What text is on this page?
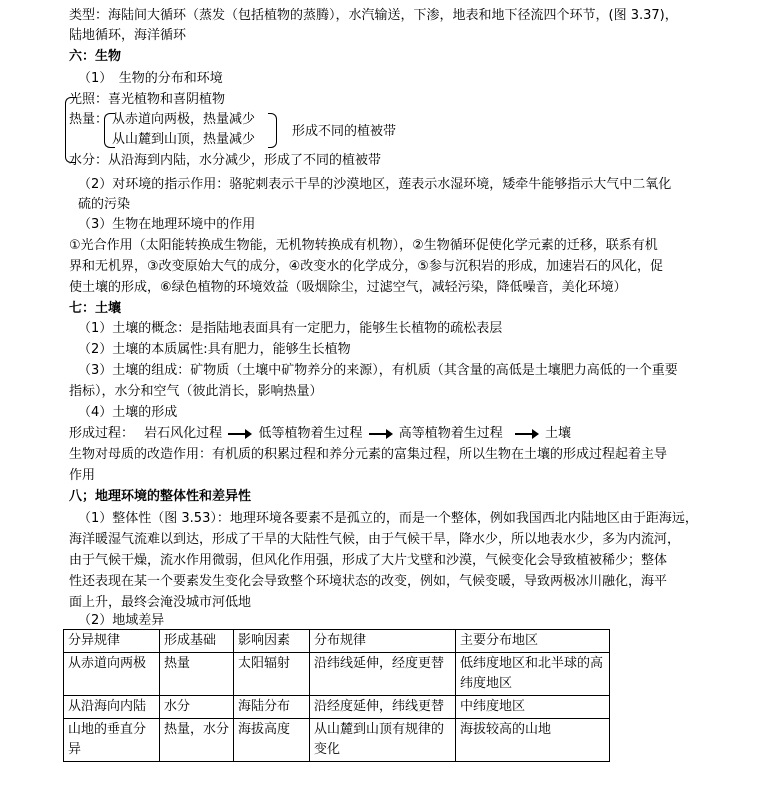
类型：海陆间大循环（蒸发（包括植物的蒸腾），水汽输送，下渗，地表和地下径流四个环节，(图 3.37)，
陆地循环，海洋循环
六：生物
（1）　生物的分布和环境
光照：喜光植物和喜阴植物
热量： 从赤道向两极，热量减少
从山麓到山顶，热量减少
形成不同的植被带
水分：从沿海到内陆，水分减少，形成了不同的植被带
（2）对环境的指示作用：骆驼刺表示干旱的沙漠地区，莲表示水湿环境，矮牵牛能够指示大气中二氧化
硫的污染
（3）生物在地理环境中的作用
①光合作用（太阳能转换成生物能，无机物转换成有机物），②生物循环促使化学元素的迁移，联系有机
界和无机界，③改变原始大气的成分，④改变水的化学成分，⑤参与沉积岩的形成，加速岩石的风化，促
使土壤的形成，⑥绿色植物的环境效益（吸烟除尘，过滤空气，减轻污染，降低噪音，美化环境）
七：土壤
（1）土壤的概念：是指陆地表面具有一定肥力，能够生长植物的疏松表层
（2）土壤的本质属性:具有肥力，能够生长植物
（3）土壤的组成：矿物质（土壤中矿物养分的来源），有机质（其含量的高低是土壤肥力高低的一个重要
指标），水分和空气（彼此消长，影响热量）
（4）土壤的形成
形成过程： 岩石风化过程	低等植物着生过程	高等植物着生过程	土壤
生物对母质的改造作用：有机质的积累过程和养分元素的富集过程，所以生物在土壤的形成过程起着主导
作用
八；地理环境的整体性和差异性
（1）整体性（图 3.53）：地理环境各要素不是孤立的，而是一个整体，例如我国西北内陆地区由于距海远，
海洋暖湿气流难以到达，形成了干旱的大陆性气候，由于气候干旱，降水少，所以地表水少，多为内流河，
由于气候干燥，流水作用微弱，但风化作用强，形成了大片戈壁和沙漠，气候变化会导致植被稀少；整体
性还表现在某一个要素发生变化会导致整个环境状态的改变，例如，气候变暖，导致两极冰川融化，海平
面上升，最终会淹没城市河低地
（2）地域差异
分异规律	形成基础	影响因素	分布规律	主要分布地区
从赤道向两极	热量	太阳辐射	沿纬线延伸，经度更替	低纬度地区和北半球的高纬度地区
从沿海向内陆	水分	海陆分布	沿经度延伸，纬线更替	中纬度地区
山地的垂直分异	热量，水分	海拔高度	从山麓到山顶有规律的变化	海拔较高的山地
